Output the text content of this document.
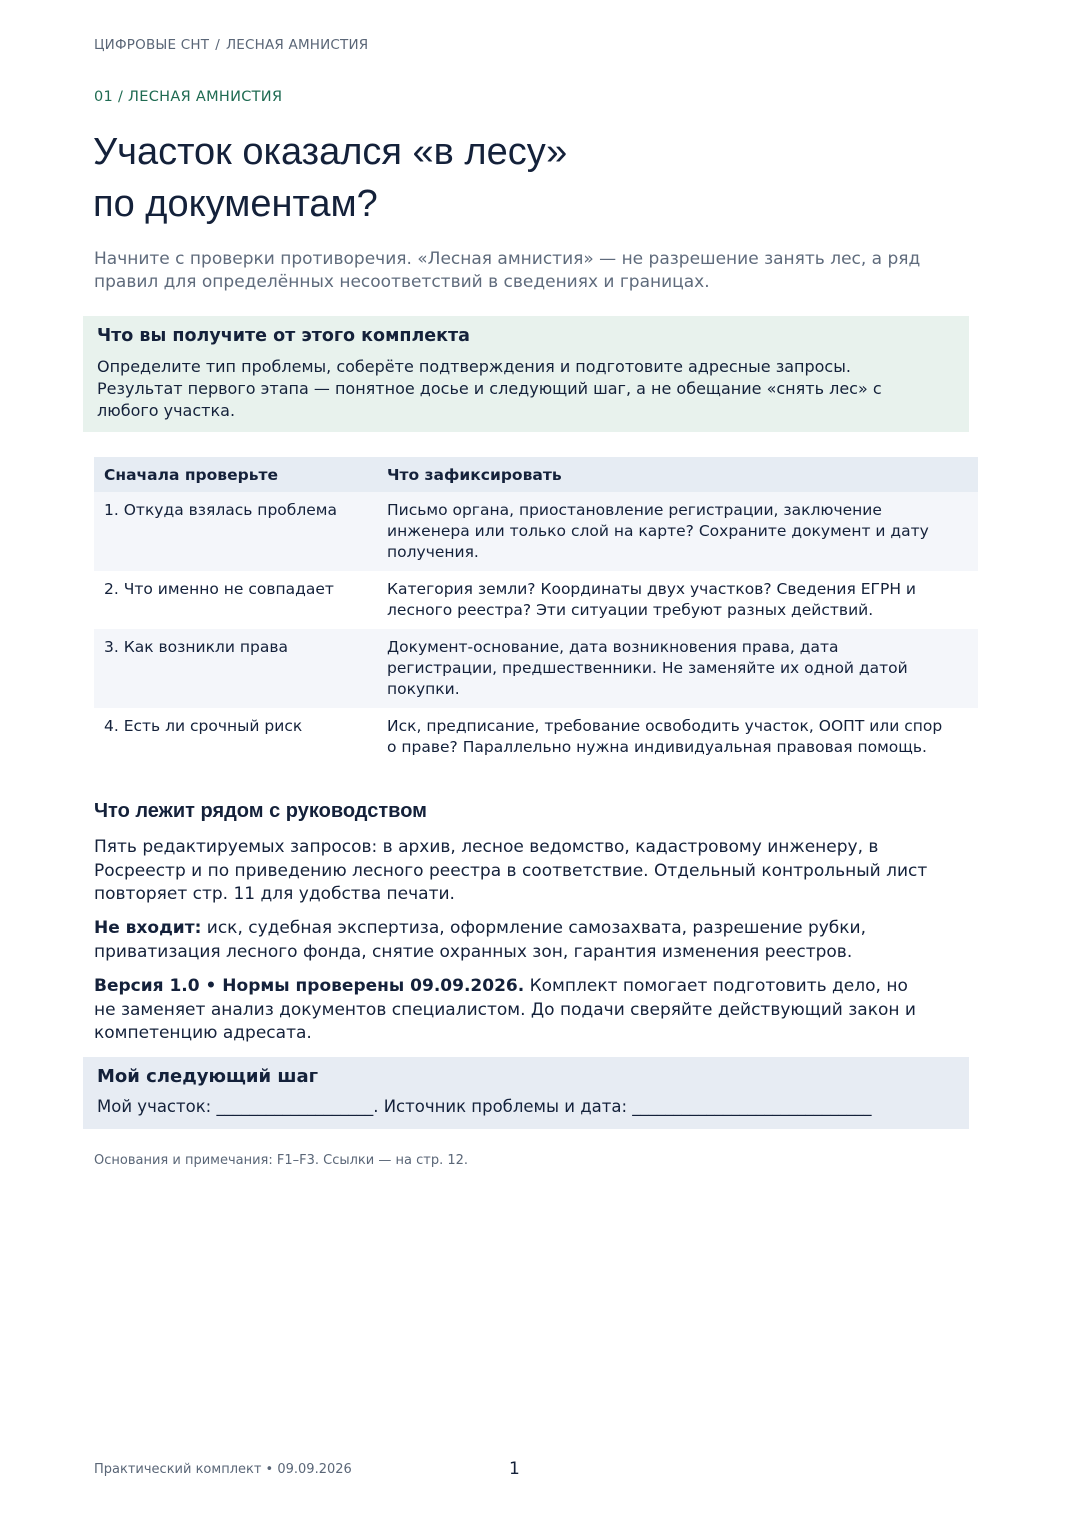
ЦИФРОВЫЕ СНТ / ЛЕСНАЯ АМНИСТИЯ
01 / ЛЕСНАЯ АМНИСТИЯ
Участок оказался «в лесу»
по документам?

Начните с проверки противоречия. «Лесная амнистия» — не разрешение занять лес, а ряд
правил для определённых несоответствий в сведениях и границах.

Что вы получите от этого комплекта
Определите тип проблемы, соберёте подтверждения и подготовите адресные запросы.
Результат первого этапа — понятное досье и следующий шаг, а не обещание «снять лес» с
любого участка.
Сначала проверьте	Что зафиксировать
1. Откуда взялась проблема	Письмо органа, приостановление регистрации, заключение
инженера или только слой на карте? Сохраните документ и дату
получения.

2. Что именно не совпадает	Категория земли? Координаты двух участков? Сведения ЕГРН и
лесного реестра? Эти ситуации требуют разных действий.

3. Как возникли права	Документ-основание, дата возникновения права, дата
регистрации, предшественники. Не заменяйте их одной датой
покупки.

4. Есть ли срочный риск	Иск, предписание, требование освободить участок, ООПТ или спор
о праве? Параллельно нужна индивидуальная правовая помощь.
Что лежит рядом с руководством

Пять редактируемых запросов: в архив, лесное ведомство, кадастровому инженеру, в
Росреестр и по приведению лесного реестра в соответствие. Отдельный контрольный лист
повторяет стр. 11 для удобства печати.

Не входит: иск, судебная экспертиза, оформление самозахвата, разрешение рубки,
приватизация лесного фонда, снятие охранных зон, гарантия изменения реестров.

Версия 1.0 • Нормы проверены 09.09.2026. Комплект помогает подготовить дело, но
не заменяет анализ документов специалистом. До подачи сверяйте действующий закон и
компетенцию адресата.

Мой следующий шаг
Мой участок: ___________________. Источник проблемы и дата: _____________________________
Основания и примечания: F1–F3. Ссылки — на стр. 12.
Практический комплект • 09.09.2026	1
